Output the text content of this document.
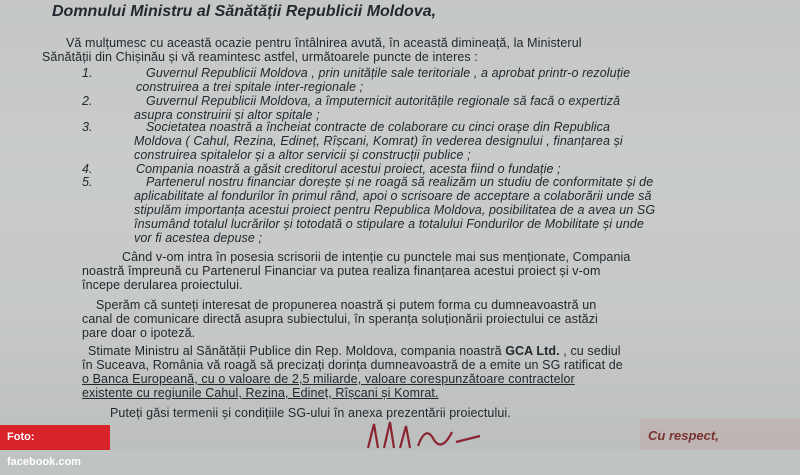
Domnului Ministru al Sănătății Republicii Moldova,
Vă mulțumesc cu această ocazie pentru întâlnirea avută, în această dimineață, la Ministerul
Sănătății din Chișinău și vă reamintesc astfel, următoarele puncte de interes :
1.	Guvernul Republicii Moldova , prin unitățile sale teritoriale , a aprobat printr-o rezoluție
construirea a trei spitale inter-regionale ;
2.	Guvernul Republicii Moldova, a împuternicit autoritățile regionale să facă o expertiză
asupra construirii și altor spitale ;
3.	Societatea noastră a încheiat contracte de colaborare cu cinci orașe din Republica
Moldova ( Cahul, Rezina, Edineț, Rîșcani, Komrat) în vederea designului , finanțarea și
construirea spitalelor și a altor servicii și construcții publice ;
4.	Compania noastră a găsit creditorul acestui proiect, acesta fiind o fundație ;
5.	Partenerul nostru financiar dorește și ne roagă să realizăm un studiu de conformitate și de
aplicabilitate al fondurilor în primul rând, apoi o scrisoare de acceptare a colaborării unde să
stipulăm importanța acestui proiect pentru Republica Moldova, posibilitatea de a avea un SG
însumând totalul lucrărilor și totodată o stipulare a totalului Fondurilor de Mobilitate și unde
vor fi acestea depuse ;
Când v-om intra în posesia scrisorii de intenție cu punctele mai sus menționate, Compania
noastră împreună cu Partenerul Financiar va putea realiza finanțarea acestui proiect și v-om
începe derularea proiectului.
Sperăm că sunteți interesat de propunerea noastră și putem forma cu dumneavoastră un
canal de comunicare directă asupra subiectului, în speranța soluționării proiectului ce astăzi
pare doar o ipoteză.
Stimate Ministru al Sănătății Publice din Rep. Moldova, compania noastră GCA Ltd. , cu sediul
în Suceava, România vă roagă să precizați dorința dumneavoastră de a emite un SG ratificat de
o Banca Europeană, cu o valoare de 2,5 miliarde, valoare corespunzătoare contractelor
existente cu regiunile Cahul, Rezina, Edineț, Rîșcani și Komrat.
Puteți găsi termenii și condițiile SG-ului în anexa prezentării proiectului.
Cu respect,
Foto: facebook.com
